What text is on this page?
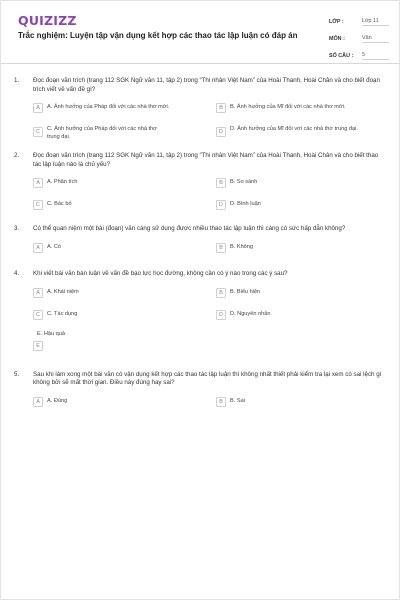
QUIZIZZ
Trắc nghiệm: Luyện tập vận dụng kết hợp các thao tác lập luận có đáp án
LỚP :	Lớp 11
MÔN :	Văn
SỐ CÂU :	5
1. Đọc đoạn văn trích (trang 112 SGK Ngữ văn 11, tập 2) trong “Thi nhân Việt Nam” của Hoài Thanh, Hoài Chân và cho biết đoạn trích viết về vấn đề gì?
A	A. Ảnh hưởng của Pháp đối với các nhà thơ mới.	B	B. Ảnh hưởng của Mĩ đối với các nhà thơ mới.
C	C. Ảnh hưởng của Pháp đối với các nhà thơ trung đại.
D	D. Ảnh hưởng của Mĩ đối với các nhà thơ trung đại.
2. Đọc đoạn văn trích (trang 112 SGK Ngữ văn 11, tập 2) trong “Thi nhân Việt Nam” của Hoài Thanh, Hoài Chân và cho biết thao tác lập luận nào là chủ yếu?
A	A. Phân tích	B	B. So sánh
C	C. Bác bỏ	D	D. Bình luận
3. Có thể quan niệm một bài (đoạn) văn càng sử dụng được nhiều thao tác lập luận thì càng có sức hấp dẫn không?
A	A. Có	B	B. Không
4. Khi viết bài văn bàn luận về vấn đề bạo lực học đường, không cần có ý nào trong các ý sau?
A	A. Khái niệm	B	B. Biểu hiện
C	C. Tác dụng	D	D. Nguyên nhân
E. Hậu quả
E
5. Sau khi làm xong một bài văn có vận dụng kết hợp các thao tác lập luận thì không nhất thiết phải kiểm tra lại xem có sai lệch gì không bởi sẽ mất thời gian. Điều này đúng hay sai?
A	A. Đúng	B	B. Sai
